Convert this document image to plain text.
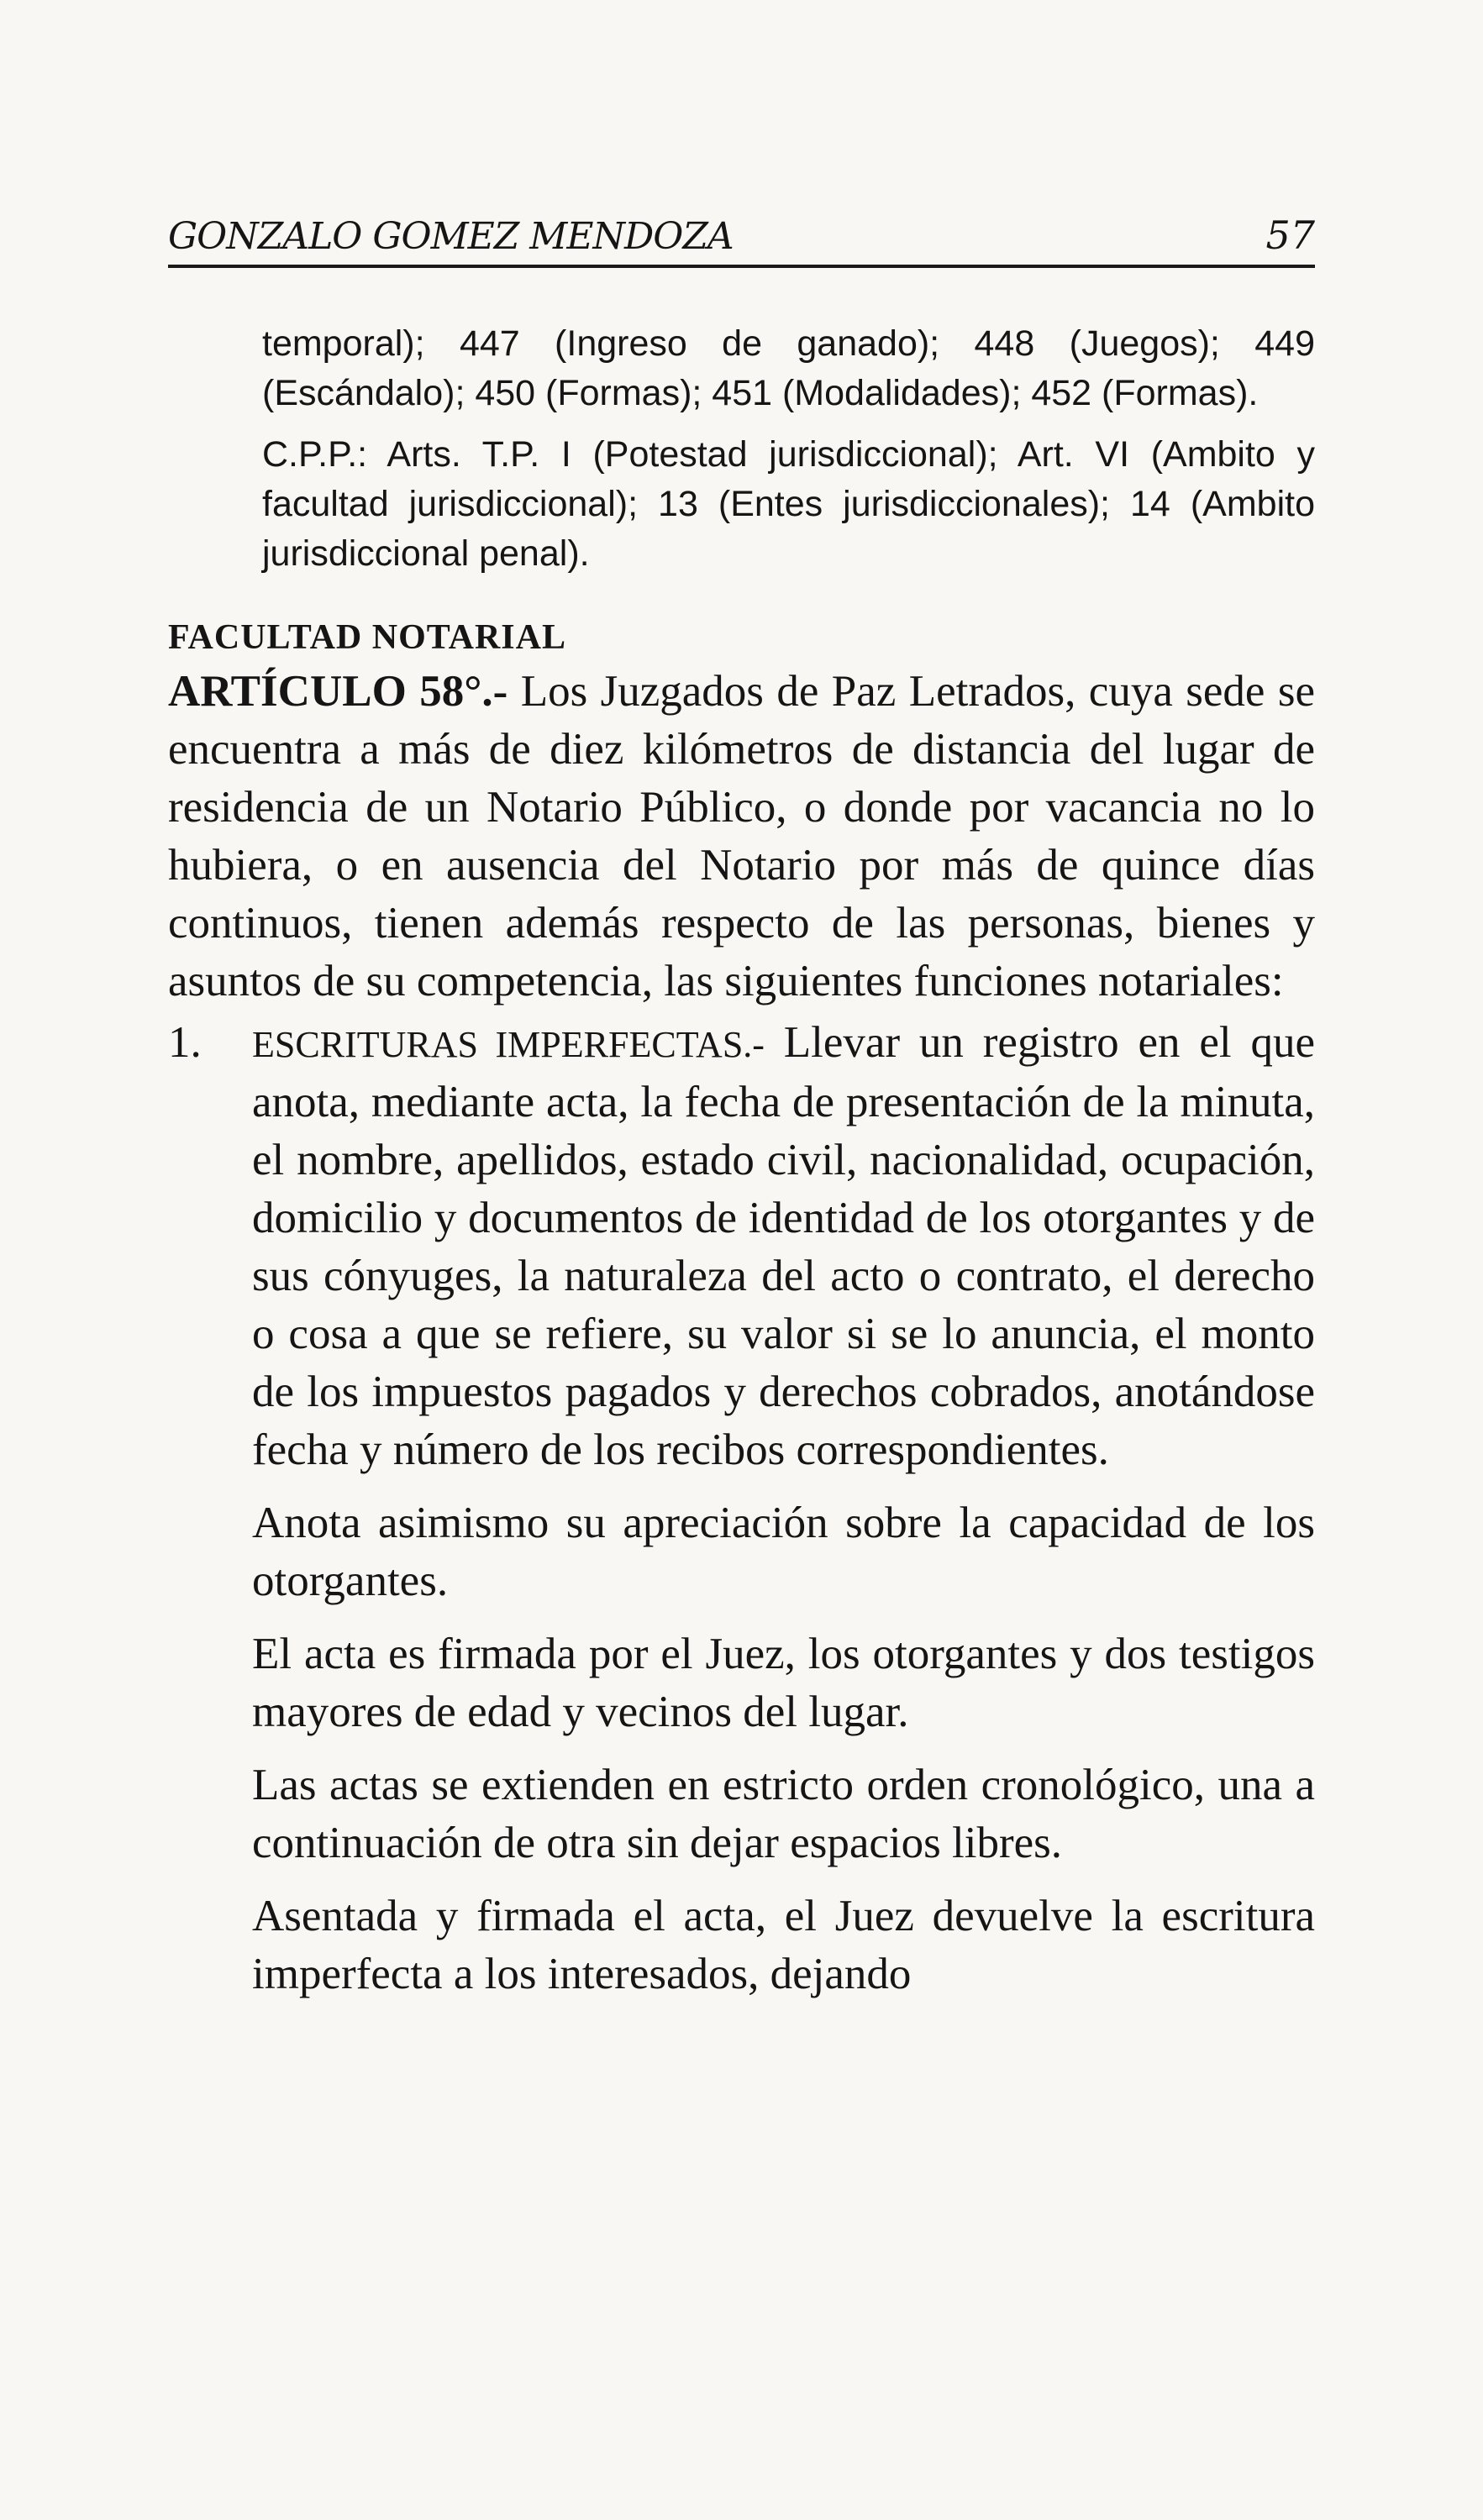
GONZALO GOMEZ MENDOZA	57

temporal); 447 (Ingreso de ganado); 448 (Juegos); 449 (Escándalo); 450 (Formas); 451 (Modalidades); 452 (Formas).

C.P.P.: Arts. T.P. I (Potestad jurisdiccional); Art. VI (Ambito y facultad jurisdiccional); 13 (Entes jurisdiccionales); 14 (Ambito jurisdiccional penal).

FACULTAD NOTARIAL

ARTÍCULO 58°.- Los Juzgados de Paz Letrados, cuya sede se encuentra a más de diez kilómetros de distancia del lugar de residencia de un Notario Público, o donde por vacancia no lo hubiera, o en ausencia del Notario por más de quince días continuos, tienen además respecto de las personas, bienes y asuntos de su competencia, las siguientes funciones notariales:

1. ESCRITURAS IMPERFECTAS.- Llevar un registro en el que anota, mediante acta, la fecha de presentación de la minuta, el nombre, apellidos, estado civil, nacionalidad, ocupación, domicilio y documentos de identidad de los otorgantes y de sus cónyuges, la naturaleza del acto o contrato, el derecho o cosa a que se refiere, su valor si se lo anuncia, el monto de los impuestos pagados y derechos cobrados, anotándose fecha y número de los recibos correspondientes.

Anota asimismo su apreciación sobre la capacidad de los otorgantes.

El acta es firmada por el Juez, los otorgantes y dos testigos mayores de edad y vecinos del lugar.

Las actas se extienden en estricto orden cronológico, una a continuación de otra sin dejar espacios libres.

Asentada y firmada el acta, el Juez devuelve la escritura imperfecta a los interesados, dejando
